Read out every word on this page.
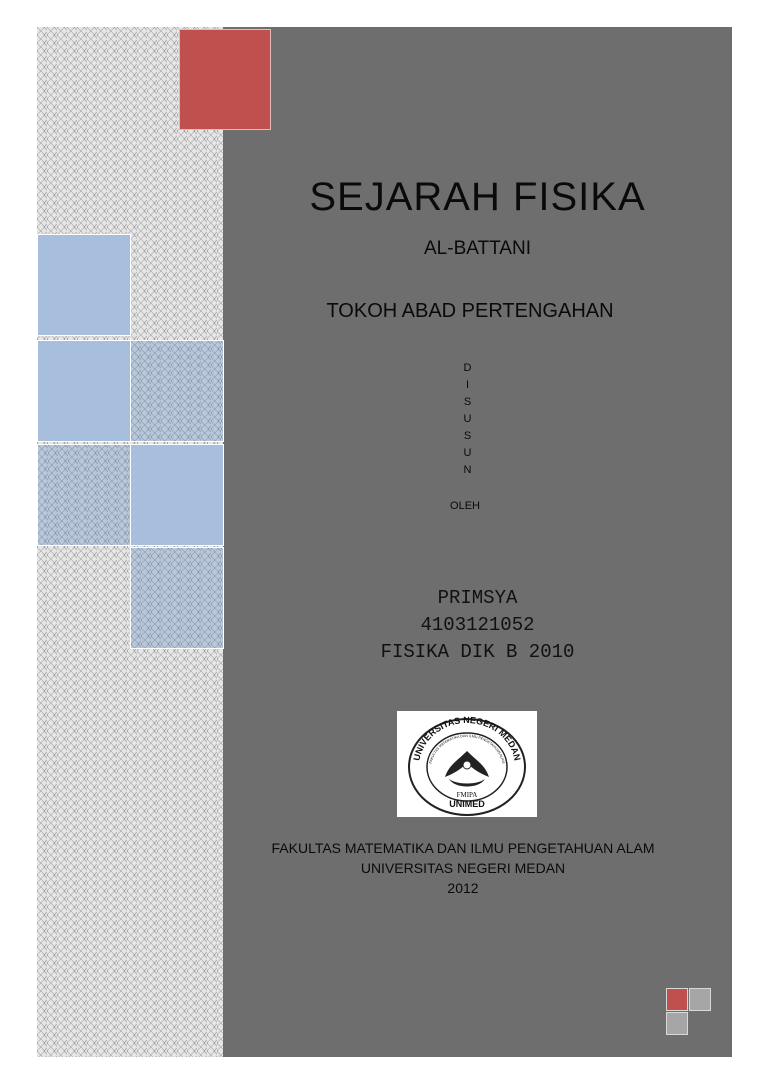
SEJARAH FISIKA
AL-BATTANI
TOKOH ABAD PERTENGAHAN
D
I
S
U
S
U
N
OLEH
PRIMSYA
4103121052
FISIKA DIK B 2010
UNIVERSITAS NEGERI MEDAN
FAKULTAS MATEMATIKA DAN ILMU PENGETAHUAN ALAM
FMIPA
UNIMED
FAKULTAS MATEMATIKA DAN ILMU PENGETAHUAN ALAM
UNIVERSITAS NEGERI MEDAN
2012
